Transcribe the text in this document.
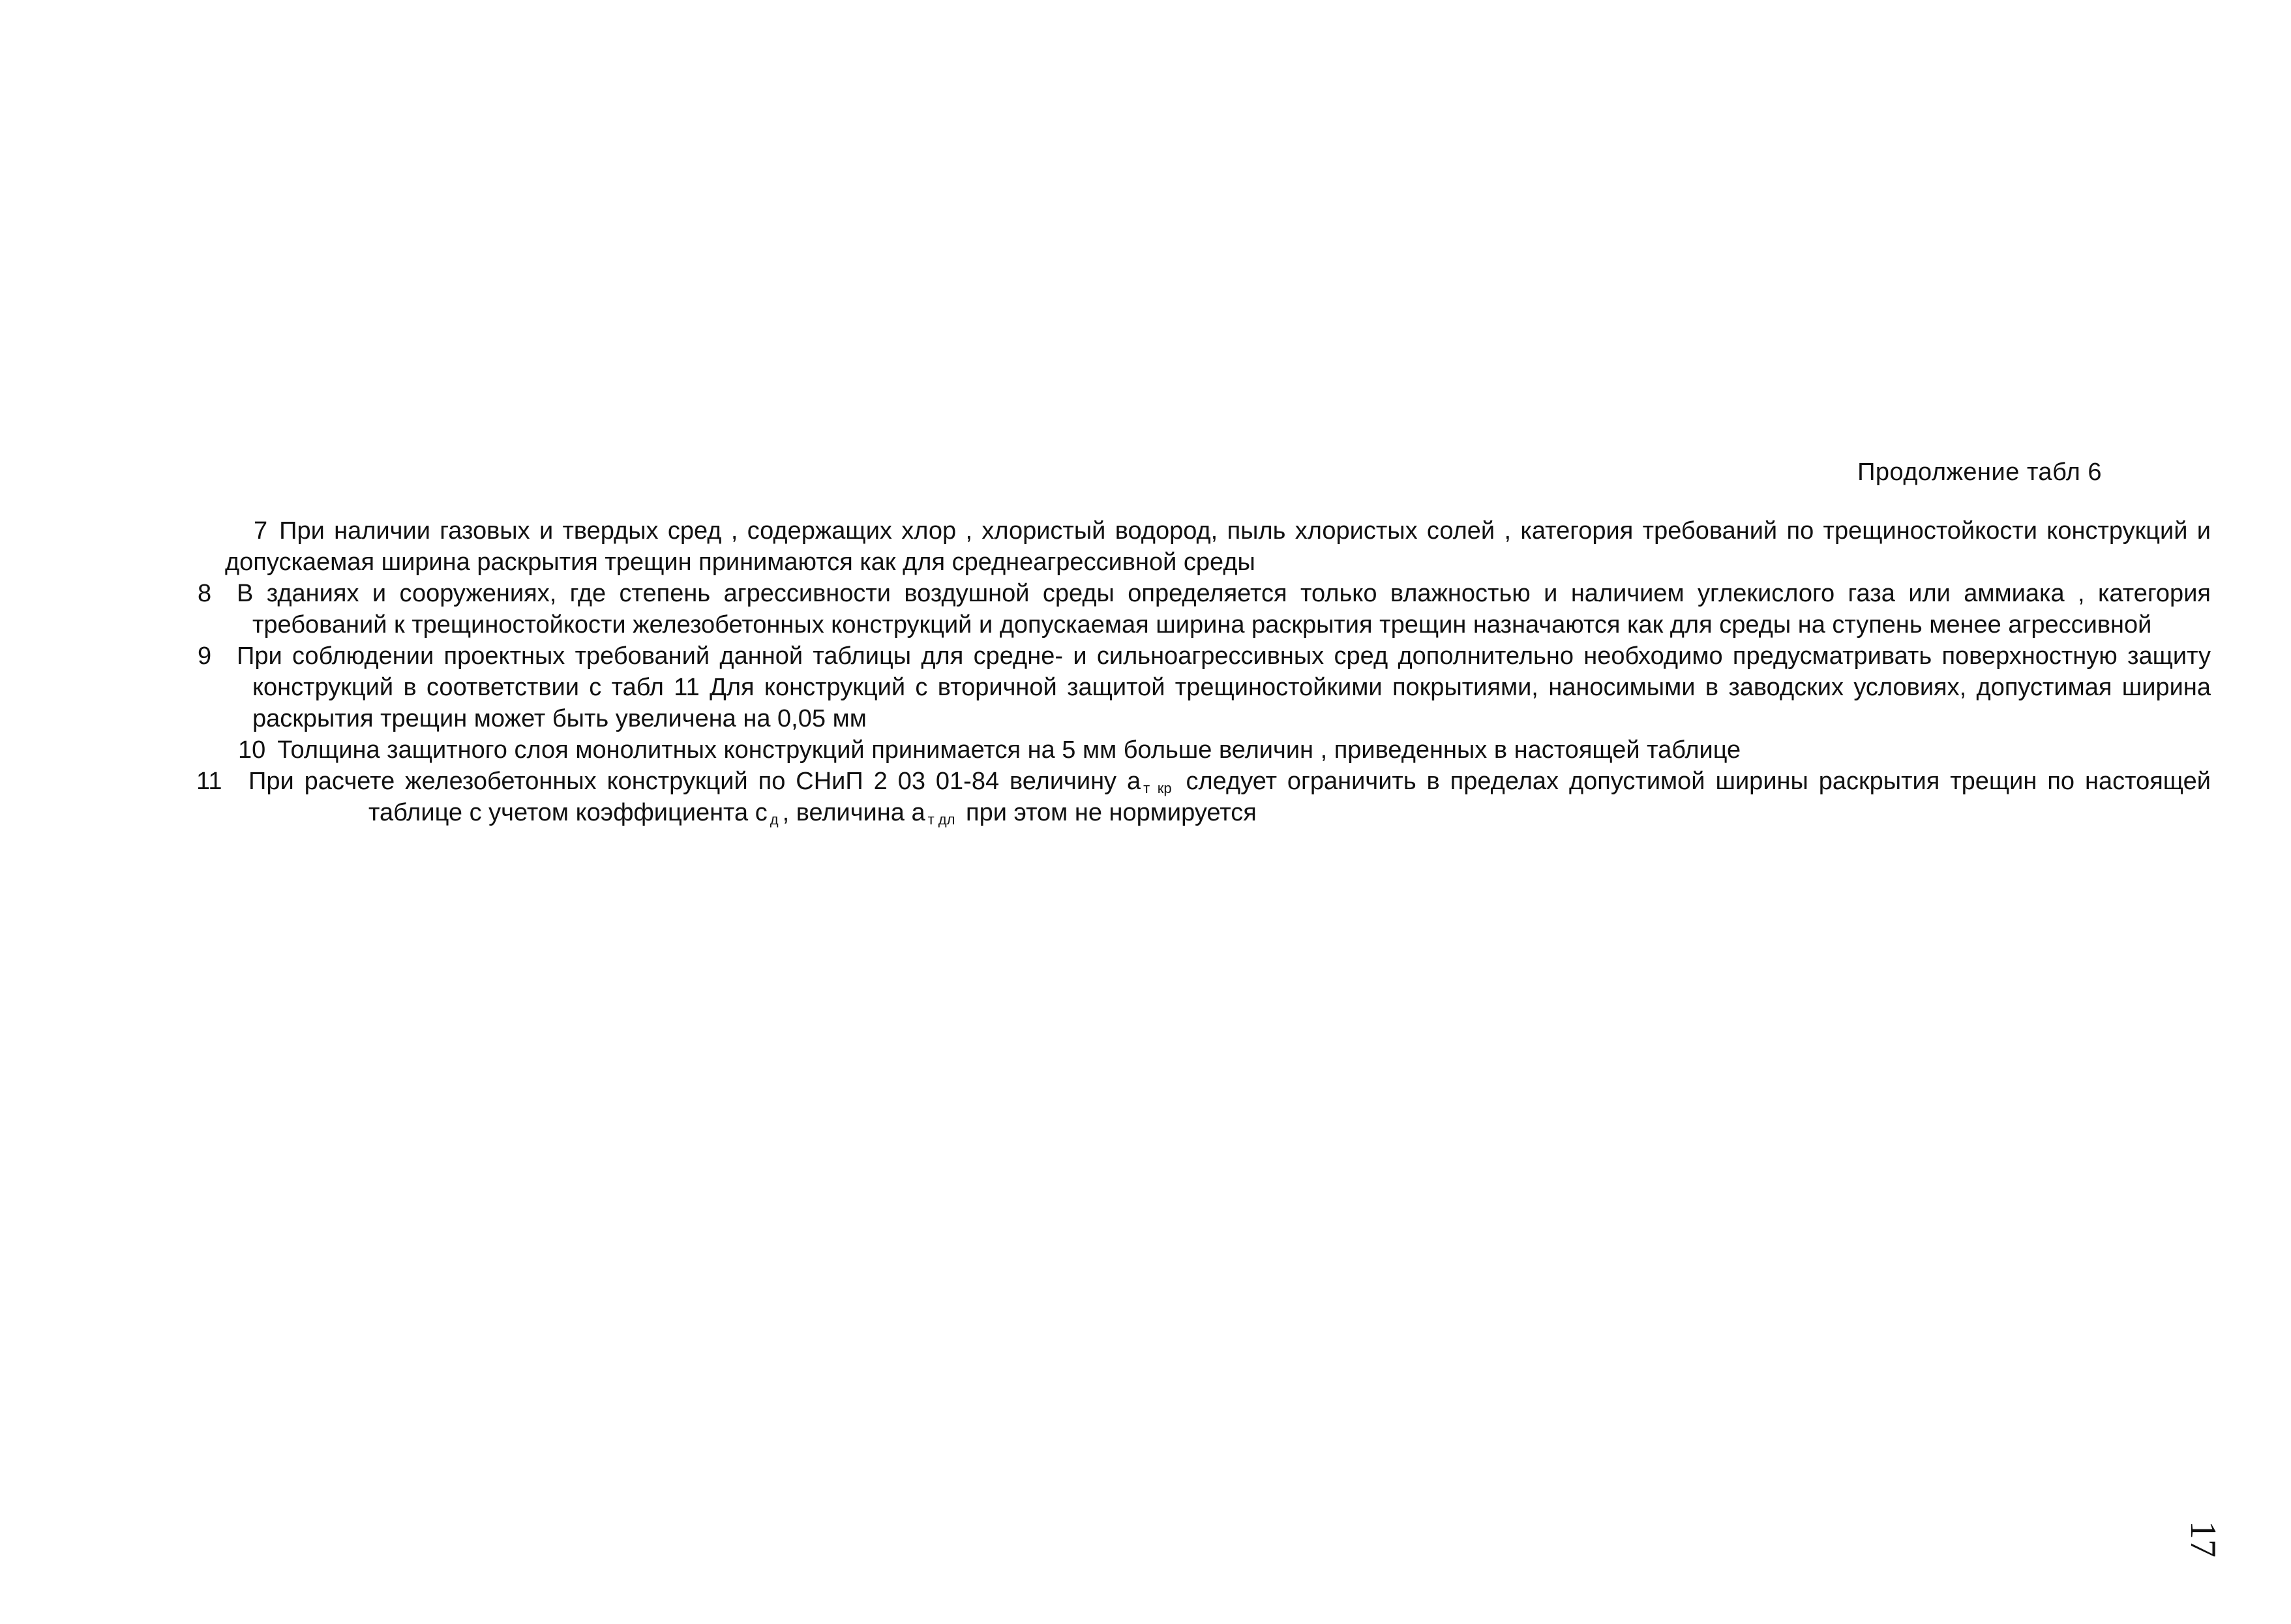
Продолжение табл 6

7 При наличии газовых и твердых сред , содержащих хлор , хлористый водород, пыль хлористых солей , категория требований по трещиностойкости конструкций и допускаемая ширина раскрытия трещин принимаются как для среднеагрессивной среды

8 В зданиях и сооружениях, где степень агрессивности воздушной среды определяется только влажностью и наличием углекислого газа или аммиака , категория требований к трещиностойкости железобетонных конструкций и допускаемая ширина раскрытия трещин назначаются как для среды на ступень менее агрессивной

9 При соблюдении проектных требований данной таблицы для средне- и сильноагрессивных сред дополнительно необходимо предусматривать поверхностную защиту конструкций в соответствии с табл 11 Для конструкций с вторичной защитой трещиностойкими покрытиями, наносимыми в заводских условиях, допустимая ширина раскрытия трещин может быть увеличена на 0,05 мм

10 Толщина защитного слоя монолитных конструкций принимается на 5 мм больше величин , приведенных в настоящей таблице

11 При расчете железобетонных конструкций по СНиП 2 03 01-84 величину а $_{т кр}$ следует ограничить в пределах допустимой ширины раскрытия трещин по настоящейтаблице с учетом коэффициента с $_д$ , величина а $_{т дл}$ при этом не нормируется

17
